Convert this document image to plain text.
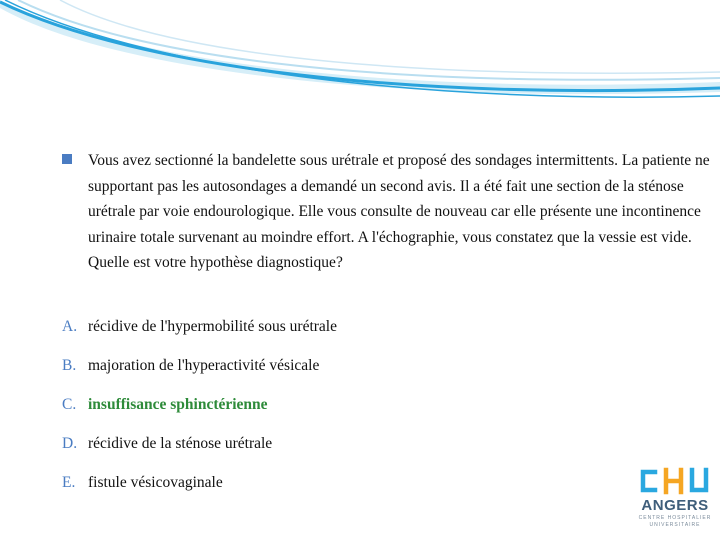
Vous avez sectionné la bandelette sous urétrale et proposé des sondages intermittents. La patiente ne supportant pas les autosondages a demandé un second avis. Il a été fait une section de la sténose urétrale par voie endourologique. Elle vous consulte de nouveau car elle présente une incontinence urinaire totale survenant au moindre effort. A l'échographie, vous constatez que la vessie est vide. Quelle est votre hypothèse diagnostique?
A. récidive de l'hypermobilité sous urétrale
B. majoration de l'hyperactivité vésicale
C. insuffisance sphinctérienne
D. récidive de la sténose urétrale
E. fistule vésicovaginale
ANGERS
CENTRE HOSPITALIER
UNIVERSITAIRE
